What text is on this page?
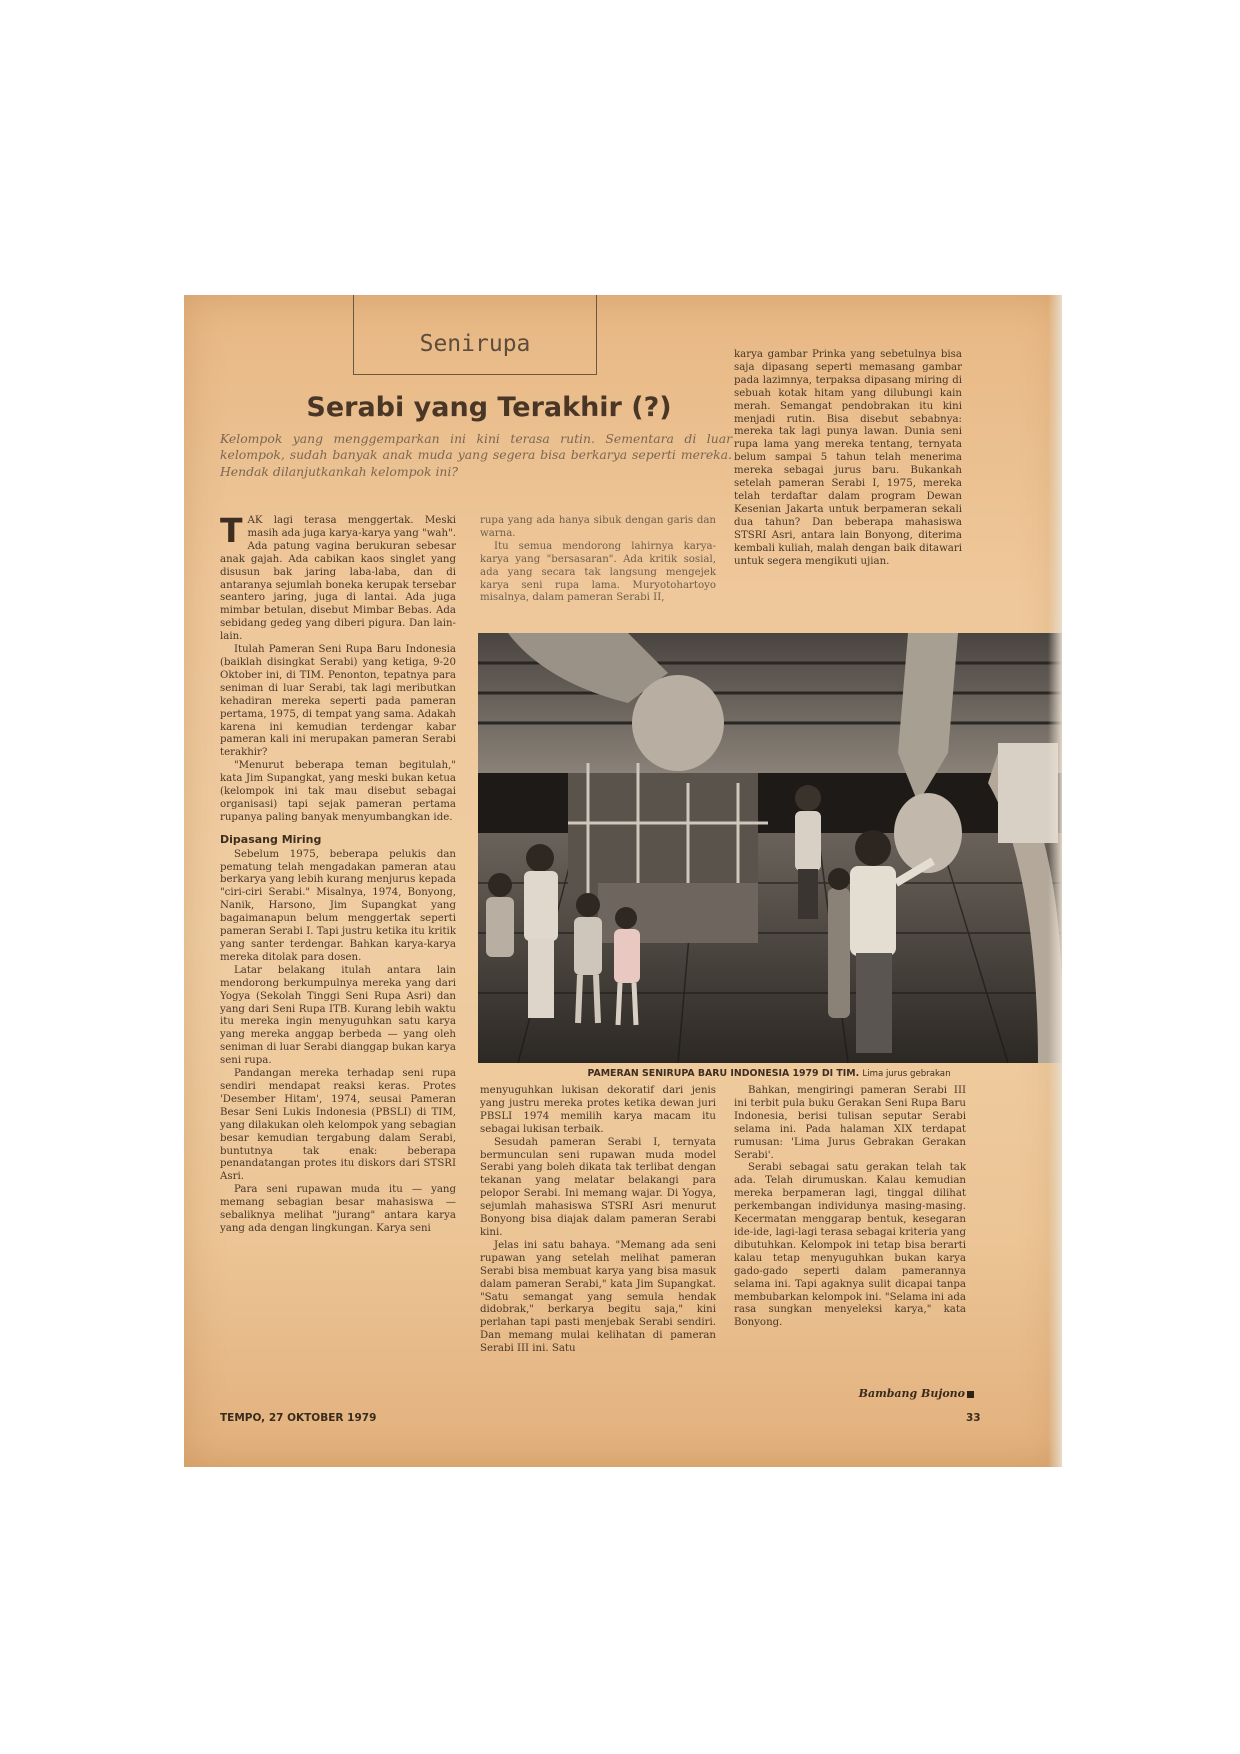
Senirupa
Serabi yang Terakhir (?)
Kelompok yang menggemparkan ini kini terasa rutin. Sementara di luar kelompok, sudah banyak anak muda yang segera bisa berkarya seperti mereka. Hendak dilanjutkankah kelompok ini?

TAK lagi terasa menggertak. Meski masih ada juga karya-karya yang "wah". Ada patung vagina berukuran sebesar anak gajah. Ada cabikan kaos singlet yang disusun bak jaring laba-laba, dan di antaranya sejumlah boneka kerupak tersebar seantero jaring, juga di lantai. Ada juga mimbar betulan, disebut Mimbar Bebas. Ada sebidang gedeg yang diberi pigura. Dan lain-lain.

Itulah Pameran Seni Rupa Baru Indonesia (baiklah disingkat Serabi) yang ketiga, 9-20 Oktober ini, di TIM. Penonton, tepatnya para seniman di luar Serabi, tak lagi meributkan kehadiran mereka seperti pada pameran pertama, 1975, di tempat yang sama. Adakah karena ini kemudian terdengar kabar pameran kali ini merupakan pameran Serabi terakhir?

"Menurut beberapa teman begitulah," kata Jim Supangkat, yang meski bukan ketua (kelompok ini tak mau disebut sebagai organisasi) tapi sejak pameran pertama rupanya paling banyak menyumbangkan ide.

Dipasang Miring

Sebelum 1975, beberapa pelukis dan pematung telah mengadakan pameran atau berkarya yang lebih kurang menjurus kepada "ciri-ciri Serabi." Misalnya, 1974, Bonyong, Nanik, Harsono, Jim Supangkat yang bagaimanapun belum menggertak seperti pameran Serabi I. Tapi justru ketika itu kritik yang santer terdengar. Bahkan karya-karya mereka ditolak para dosen.

Latar belakang itulah antara lain mendorong berkumpulnya mereka yang dari Yogya (Sekolah Tinggi Seni Rupa Asri) dan yang dari Seni Rupa ITB. Kurang lebih waktu itu mereka ingin menyuguhkan satu karya yang mereka anggap berbeda — yang oleh seniman di luar Serabi dianggap bukan karya seni rupa.

Pandangan mereka terhadap seni rupa sendiri mendapat reaksi keras. Protes 'Desember Hitam', 1974, seusai Pameran Besar Seni Lukis Indonesia (PBSLI) di TIM, yang dilakukan oleh kelompok yang sebagian besar kemudian tergabung dalam Serabi, buntutnya tak enak: beberapa penandatangan protes itu diskors dari STSRI Asri.

Para seni rupawan muda itu — yang memang sebagian besar mahasiswa — sebaliknya melihat "jurang" antara karya yang ada dengan lingkungan. Karya seni

rupa yang ada hanya sibuk dengan garis dan warna.

Itu semua mendorong lahirnya karya-karya yang "bersasaran". Ada kritik sosial, ada yang secara tak langsung mengejek karya seni rupa lama. Muryotohartoyo misalnya, dalam pameran Serabi II,

karya gambar Prinka yang sebetulnya bisa saja dipasang seperti memasang gambar pada lazimnya, terpaksa dipasang miring di sebuah kotak hitam yang dilubungi kain merah. Semangat pendobrakan itu kini menjadi rutin. Bisa disebut sebabnya: mereka tak lagi punya lawan. Dunia seni rupa lama yang mereka tentang, ternyata belum sampai 5 tahun telah menerima mereka sebagai jurus baru. Bukankah setelah pameran Serabi I, 1975, mereka telah terdaftar dalam program Dewan Kesenian Jakarta untuk berpameran sekali dua tahun? Dan beberapa mahasiswa STSRI Asri, antara lain Bonyong, diterima kembali kuliah, malah dengan baik ditawari untuk segera mengikuti ujian.

PAMERAN SENIRUPA BARU INDONESIA 1979 DI TIM. Lima jurus gebrakan

menyuguhkan lukisan dekoratif dari jenis yang justru mereka protes ketika dewan juri PBSLI 1974 memilih karya macam itu sebagai lukisan terbaik.

Sesudah pameran Serabi I, ternyata bermunculan seni rupawan muda model Serabi yang boleh dikata tak terlibat dengan tekanan yang melatar belakangi para pelopor Serabi. Ini memang wajar. Di Yogya, sejumlah mahasiswa STSRI Asri menurut Bonyong bisa diajak dalam pameran Serabi kini.

Jelas ini satu bahaya. "Memang ada seni rupawan yang setelah melihat pameran Serabi bisa membuat karya yang bisa masuk dalam pameran Serabi," kata Jim Supangkat. "Satu semangat yang semula hendak didobrak," berkarya begitu saja," kini perlahan tapi pasti menjebak Serabi sendiri. Dan memang mulai kelihatan di pameran Serabi III ini. Satu

Bahkan, mengiringi pameran Serabi III ini terbit pula buku Gerakan Seni Rupa Baru Indonesia, berisi tulisan seputar Serabi selama ini. Pada halaman XIX terdapat rumusan: 'Lima Jurus Gebrakan Gerakan Serabi'.

Serabi sebagai satu gerakan telah tak ada. Telah dirumuskan. Kalau kemudian mereka berpameran lagi, tinggal dilihat perkembangan individunya masing-masing. Kecermatan menggarap bentuk, kesegaran ide-ide, lagi-lagi terasa sebagai kriteria yang dibutuhkan. Kelompok ini tetap bisa berarti kalau tetap menyuguhkan bukan karya gado-gado seperti dalam pamerannya selama ini. Tapi agaknya sulit dicapai tanpa membubarkan kelompok ini. "Selama ini ada rasa sungkan menyeleksi karya," kata Bonyong.

Bambang Bujono
TEMPO, 27 OKTOBER 1979	33
